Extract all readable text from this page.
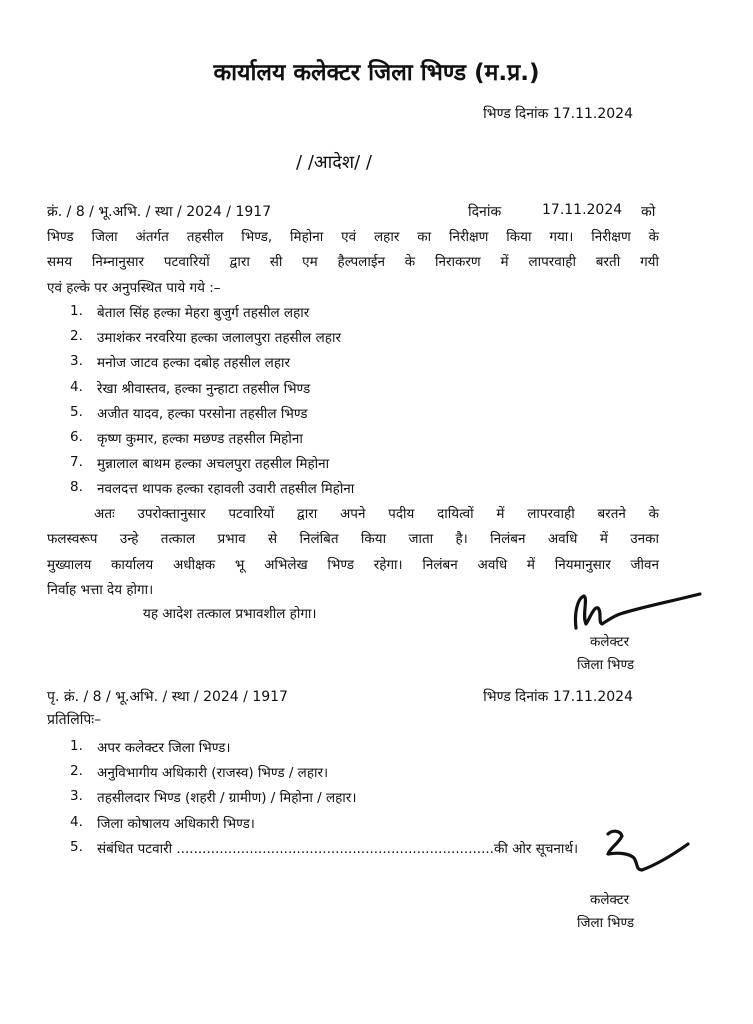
कार्यालय कलेक्टर जिला भिण्ड (म.प्र.)
भिण्ड दिनांक 17.11.2024
/ /आदेश/ /
क्रं. / 8 / भू.अभि. / स्था / 2024 / 1917	दिनांक	17.11.2024 को
भिण्ड जिला अंतर्गत तहसील भिण्ड, मिहोना एवं लहार का निरीक्षण किया गया। निरीक्षण के
समय निम्नानुसार पटवारियों द्वारा सी एम हैल्पलाईन के निराकरण में लापरवाही बरती गयी
एवं हल्के पर अनुपस्थित पाये गये :–
1.	बेताल सिंह हल्का मेहरा बुजुर्ग तहसील लहार
2.	उमाशंकर नरवरिया हल्का जलालपुरा तहसील लहार
3.	मनोज जाटव हल्का दबोह तहसील लहार
4.	रेखा श्रीवास्तव, हल्का नुन्हाटा तहसील भिण्ड
5.	अजीत यादव, हल्का परसोना तहसील भिण्ड
6.	कृष्ण कुमार, हल्का मछण्ड तहसील मिहोना
7.	मुन्नालाल बाथम हल्का अचलपुरा तहसील मिहोना
8.	नवलदत्त थापक हल्का रहावली उवारी तहसील मिहोना
अतः उपरोक्तानुसार पटवारियों द्वारा अपने पदीय दायित्वों में लापरवाही बरतने के
फलस्वरूप उन्हे तत्काल प्रभाव से निलंबित किया जाता है। निलंबन अवधि में उनका
मुख्यालय कार्यालय अधीक्षक भू अभिलेख भिण्ड रहेगा। निलंबन अवधि में नियमानुसार जीवन
निर्वाह भत्ता देय होगा।
यह आदेश तत्काल प्रभावशील होगा।
कलेक्टर
जिला भिण्ड
पृ. क्रं. / 8 / भू.अभि. / स्था / 2024 / 1917	भिण्ड दिनांक 17.11.2024
प्रतिलिपिः–
1.	अपर कलेक्टर जिला भिण्ड।
2.	अनुविभागीय अधिकारी (राजस्व) भिण्ड / लहार।
3.	तहसीलदार भिण्ड (शहरी / ग्रामीण) / मिहोना / लहार।
4.	जिला कोषालय अधिकारी भिण्ड।
5.	संबंधित पटवारी ..........................................................................की ओर सूचनार्थ।
कलेक्टर
जिला भिण्ड
